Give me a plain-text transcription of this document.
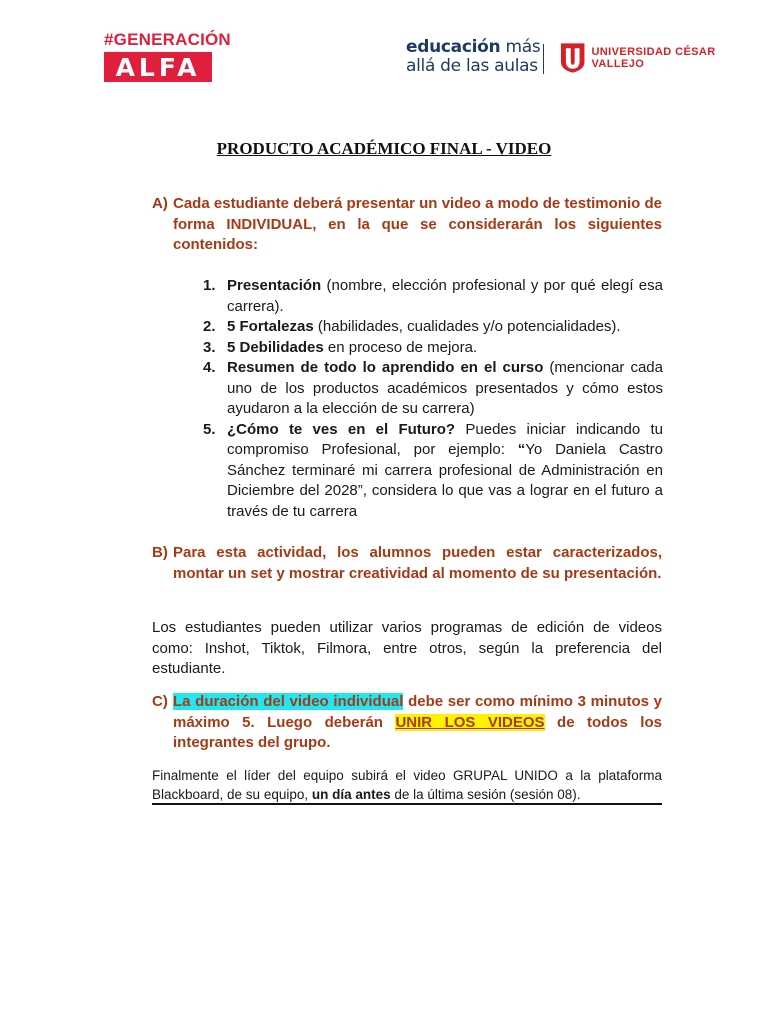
#GENERACIÓN
ALFA
educación más
allá de las aulas
UNIVERSIDAD CÉSAR VALLEJO
PRODUCTO ACADÉMICO FINAL - VIDEO
A) Cada estudiante deberá presentar un video a modo de testimonio de forma INDIVIDUAL, en la que se considerarán los siguientes contenidos:
1. Presentación (nombre, elección profesional y por qué elegí esa carrera).
2. 5 Fortalezas (habilidades, cualidades y/o potencialidades).
3. 5 Debilidades en proceso de mejora.
4. Resumen de todo lo aprendido en el curso (mencionar cada uno de los productos académicos presentados y cómo estos ayudaron a la elección de su carrera)
5. ¿Cómo te ves en el Futuro? Puedes iniciar indicando tu compromiso Profesional, por ejemplo: “Yo Daniela Castro Sánchez terminaré mi carrera profesional de Administración en Diciembre del 2028”, considera lo que vas a lograr en el futuro a través de tu carrera
B) Para esta actividad, los alumnos pueden estar caracterizados, montar un set y mostrar creatividad al momento de su presentación.
Los estudiantes pueden utilizar varios programas de edición de videos como: Inshot, Tiktok, Filmora, entre otros, según la preferencia del estudiante.
C) La duración del video individual debe ser como mínimo 3 minutos y máximo 5. Luego deberán UNIR LOS VIDEOS de todos los integrantes del grupo.
Finalmente el líder del equipo subirá el video GRUPAL UNIDO a la plataforma Blackboard, de su equipo, un día antes de la última sesión (sesión 08).
